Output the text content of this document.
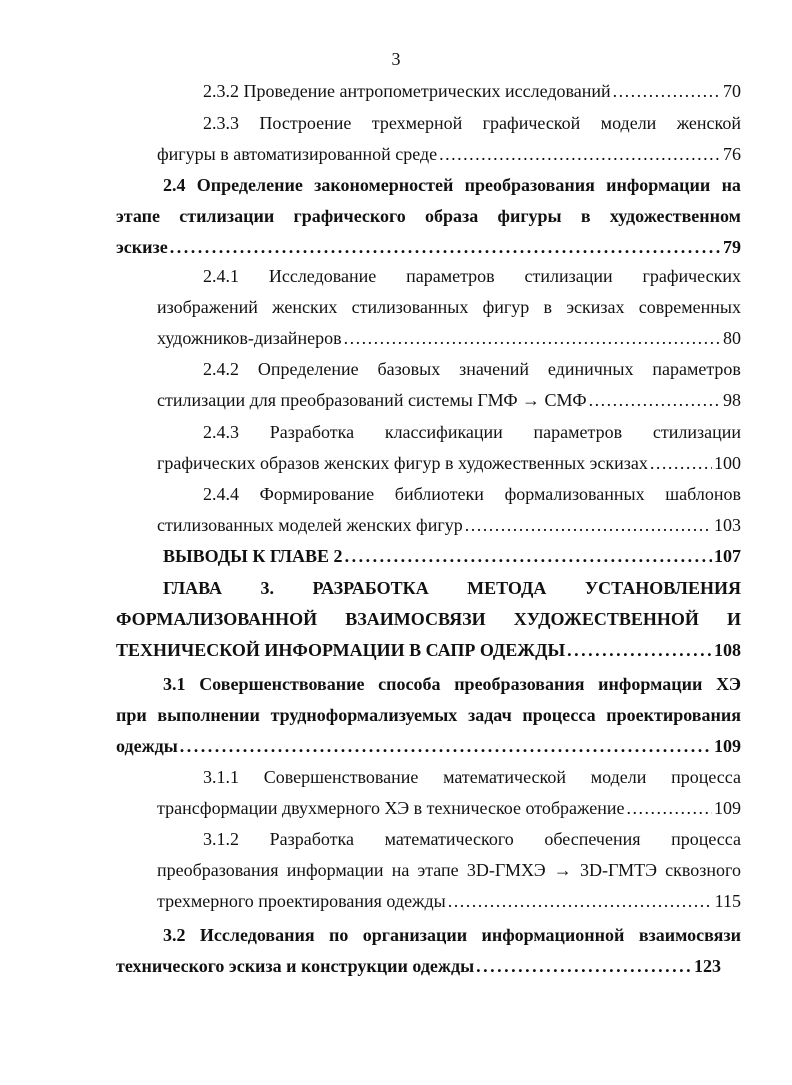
3
2.3.2 Проведение антропометрических исследований . . .	70
2.3.3 Построение трехмерной графической модели женской
фигуры в автоматизированной среде . . .	76
2.4 Определение закономерностей преобразования информации на
этапе стилизации графического образа фигуры в художественном
эскизе . . .	79
2.4.1 Исследование параметров стилизации графических
изображений женских стилизованных фигур в эскизах современных
художников-дизайнеров . . .	80
2.4.2 Определение базовых значений единичных параметров
стилизации для преобразований системы ГМФ → СМФ . . .	98
2.4.3 Разработка классификации параметров стилизации
графических образов женских фигур в художественных эскизах . . .	100
2.4.4 Формирование библиотеки формализованных шаблонов
стилизованных моделей женских фигур . . .	103
ВЫВОДЫ К ГЛАВЕ 2 . . .	107
ГЛАВА 3. РАЗРАБОТКА МЕТОДА УСТАНОВЛЕНИЯ
ФОРМАЛИЗОВАННОЙ ВЗАИМОСВЯЗИ ХУДОЖЕСТВЕННОЙ И
ТЕХНИЧЕСКОЙ ИНФОРМАЦИИ В САПР ОДЕЖДЫ . . .	108
3.1 Совершенствование способа преобразования информации ХЭ
при выполнении трудноформализуемых задач процесса проектирования
одежды . . .	109
3.1.1 Совершенствование математической модели процесса
трансформации двухмерного ХЭ в техническое отображение . . .	109
3.1.2 Разработка математического обеспечения процесса
преобразования информации на этапе 3D-ГМХЭ → 3D-ГМТЭ сквозного
трехмерного проектирования одежды . . .	115
3.2 Исследования по организации информационной взаимосвязи
технического эскиза и конструкции одежды . . .	123
